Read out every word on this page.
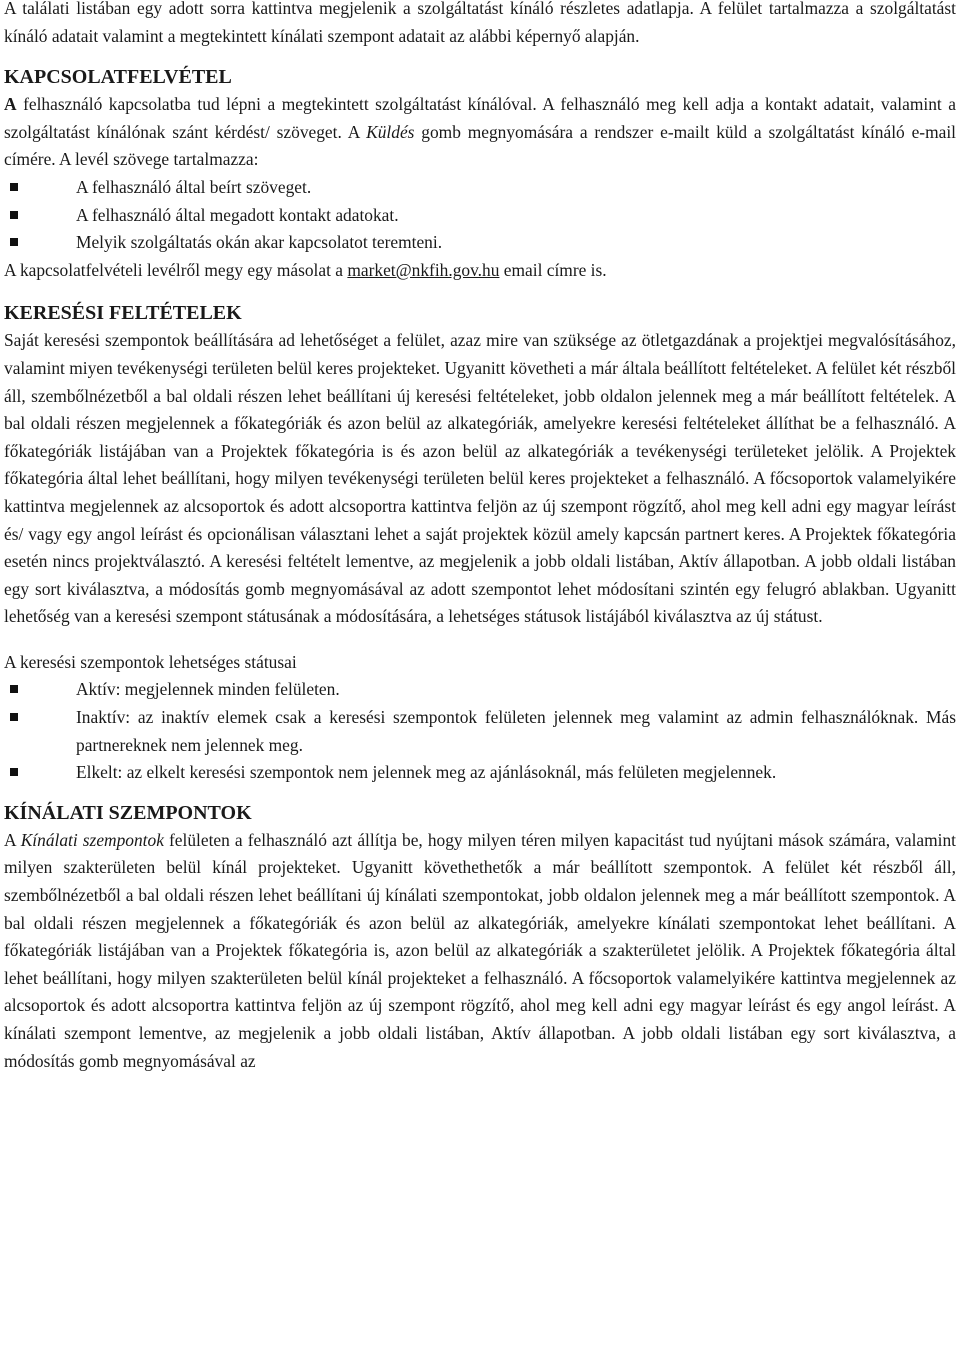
A találati listában egy adott sorra kattintva megjelenik a szolgáltatást kínáló részletes adatlapja. A felület tartalmazza a szolgáltatást kínáló adatait valamint a megtekintett kínálati szempont adatait az alábbi képernyő alapján.

KAPCSOLATFELVÉTEL

A felhasználó kapcsolatba tud lépni a megtekintett szolgáltatást kínálóval. A felhasználó meg kell adja a kontakt adatait, valamint a szolgáltatást kínálónak szánt kérdést/ szöveget. A Küldés gomb megnyomására a rendszer e-mailt küld a szolgáltatást kínáló e-mail címére. A levél szövege tartalmazza:

A felhasználó által beírt szöveget.
A felhasználó által megadott kontakt adatokat.
Melyik szolgáltatás okán akar kapcsolatot teremteni.

A kapcsolatfelvételi levélről megy egy másolat a market@nkfih.gov.hu email címre is.

KERESÉSI FELTÉTELEK

Saját keresési szempontok beállítására ad lehetőséget a felület, azaz mire van szüksége az ötletgazdának a projektjei megvalósításához, valamint miyen tevékenységi területen belül keres projekteket. Ugyanitt követheti a már általa beállított feltételeket. A felület két részből áll, szembőlnézetből a bal oldali részen lehet beállítani új keresési feltételeket, jobb oldalon jelennek meg a már beállított feltételek. A bal oldali részen megjelennek a főkategóriák és azon belül az alkategóriák, amelyekre keresési feltételeket állíthat be a felhasználó. A főkategóriák listájában van a Projektek főkategória is és azon belül az alkategóriák a tevékenységi területeket jelölik. A Projektek főkategória által lehet beállítani, hogy milyen tevékenységi területen belül keres projekteket a felhasználó. A főcsoportok valamelyikére kattintva megjelennek az alcsoportok és adott alcsoportra kattintva feljön az új szempont rögzítő, ahol meg kell adni egy magyar leírást és/ vagy egy angol leírást és opcionálisan választani lehet a saját projektek közül amely kapcsán partnert keres. A Projektek főkategória esetén nincs projektválasztó. A keresési feltételt lementve, az megjelenik a jobb oldali listában, Aktív állapotban. A jobb oldali listában egy sort kiválasztva, a módosítás gomb megnyomásával az adott szempontot lehet módosítani szintén egy felugró ablakban. Ugyanitt lehetőség van a keresési szempont státusának a módosítására, a lehetséges státusok listájából kiválasztva az új státust.

A keresési szempontok lehetséges státusai

Aktív: megjelennek minden felületen.
Inaktív: az inaktív elemek csak a keresési szempontok felületen jelennek meg valamint az admin felhasználóknak. Más partnereknek nem jelennek meg.
Elkelt: az elkelt keresési szempontok nem jelennek meg az ajánlásoknál, más felületen megjelennek.
KÍNÁLATI SZEMPONTOK

A Kínálati szempontok felületen a felhasználó azt állítja be, hogy milyen téren milyen kapacitást tud nyújtani mások számára, valamint milyen szakterületen belül kínál projekteket. Ugyanitt követhethetők a már beállított szempontok. A felület két részből áll, szembőlnézetből a bal oldali részen lehet beállítani új kínálati szempontokat, jobb oldalon jelennek meg a már beállított szempontok. A bal oldali részen megjelennek a főkategóriák és azon belül az alkategóriák, amelyekre kínálati szempontokat lehet beállítani. A főkategóriák listájában van a Projektek főkategória is, azon belül az alkategóriák a szakterületet jelölik. A Projektek főkategória által lehet beállítani, hogy milyen szakterületen belül kínál projekteket a felhasználó. A főcsoportok valamelyikére kattintva megjelennek az alcsoportok és adott alcsoportra kattintva feljön az új szempont rögzítő, ahol meg kell adni egy magyar leírást és egy angol leírást. A kínálati szempont lementve, az megjelenik a jobb oldali listában, Aktív állapotban. A jobb oldali listában egy sort kiválasztva, a módosítás gomb megnyomásával az
